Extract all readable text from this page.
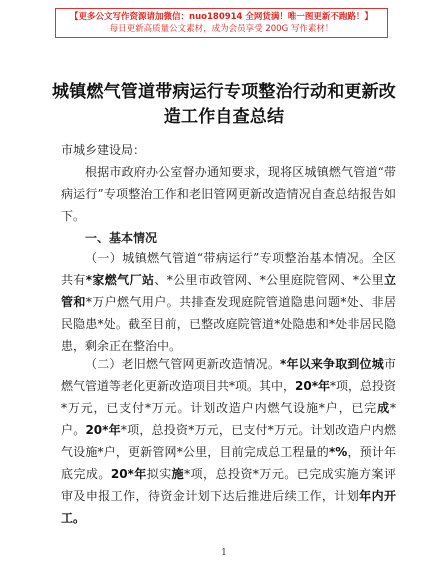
【更多公文写作资源请加微信：nuo180914 全网货满！唯一图更新不跑路！】
每日更新高质量公文素材，成为会员享受 200G 写作素材！
城镇燃气管道带病运行专项整治行动和更新改造工作自查总结
市城乡建设局：
根据市政府办公室督办通知要求，现将区城镇燃气管道“带病运行”专项整治工作和老旧管网更新改造情况自查总结报告如下。
一、基本情况
（一）城镇燃气管道“带病运行”专项整治基本情况。全区共有*家燃气厂站、*公里市政管网、*公里庭院管网、*公里立管和*万户燃气用户。共排查发现庭院管道隐患问题*处、非居民隐患*处。截至目前，已整改庭院管道*处隐患和*处非居民隐患，剩余正在整治中。
（二）老旧燃气管网更新改造情况。*年以来争取到位城市燃气管道等老化更新改造项目共*项。其中，20*年*项，总投资*万元，已支付*万元。计划改造户内燃气设施*户，已完成*户。20*年*项，总投资*万元，已支付*万元。计划改造户内燃气设施*户，更新管网*公里，目前完成总工程量的*%，预计年底完成。20*年拟实施*项，总投资*万元。已完成实施方案评审及申报工作，待资金计划下达后推进后续工作，计划年内开工。
1
